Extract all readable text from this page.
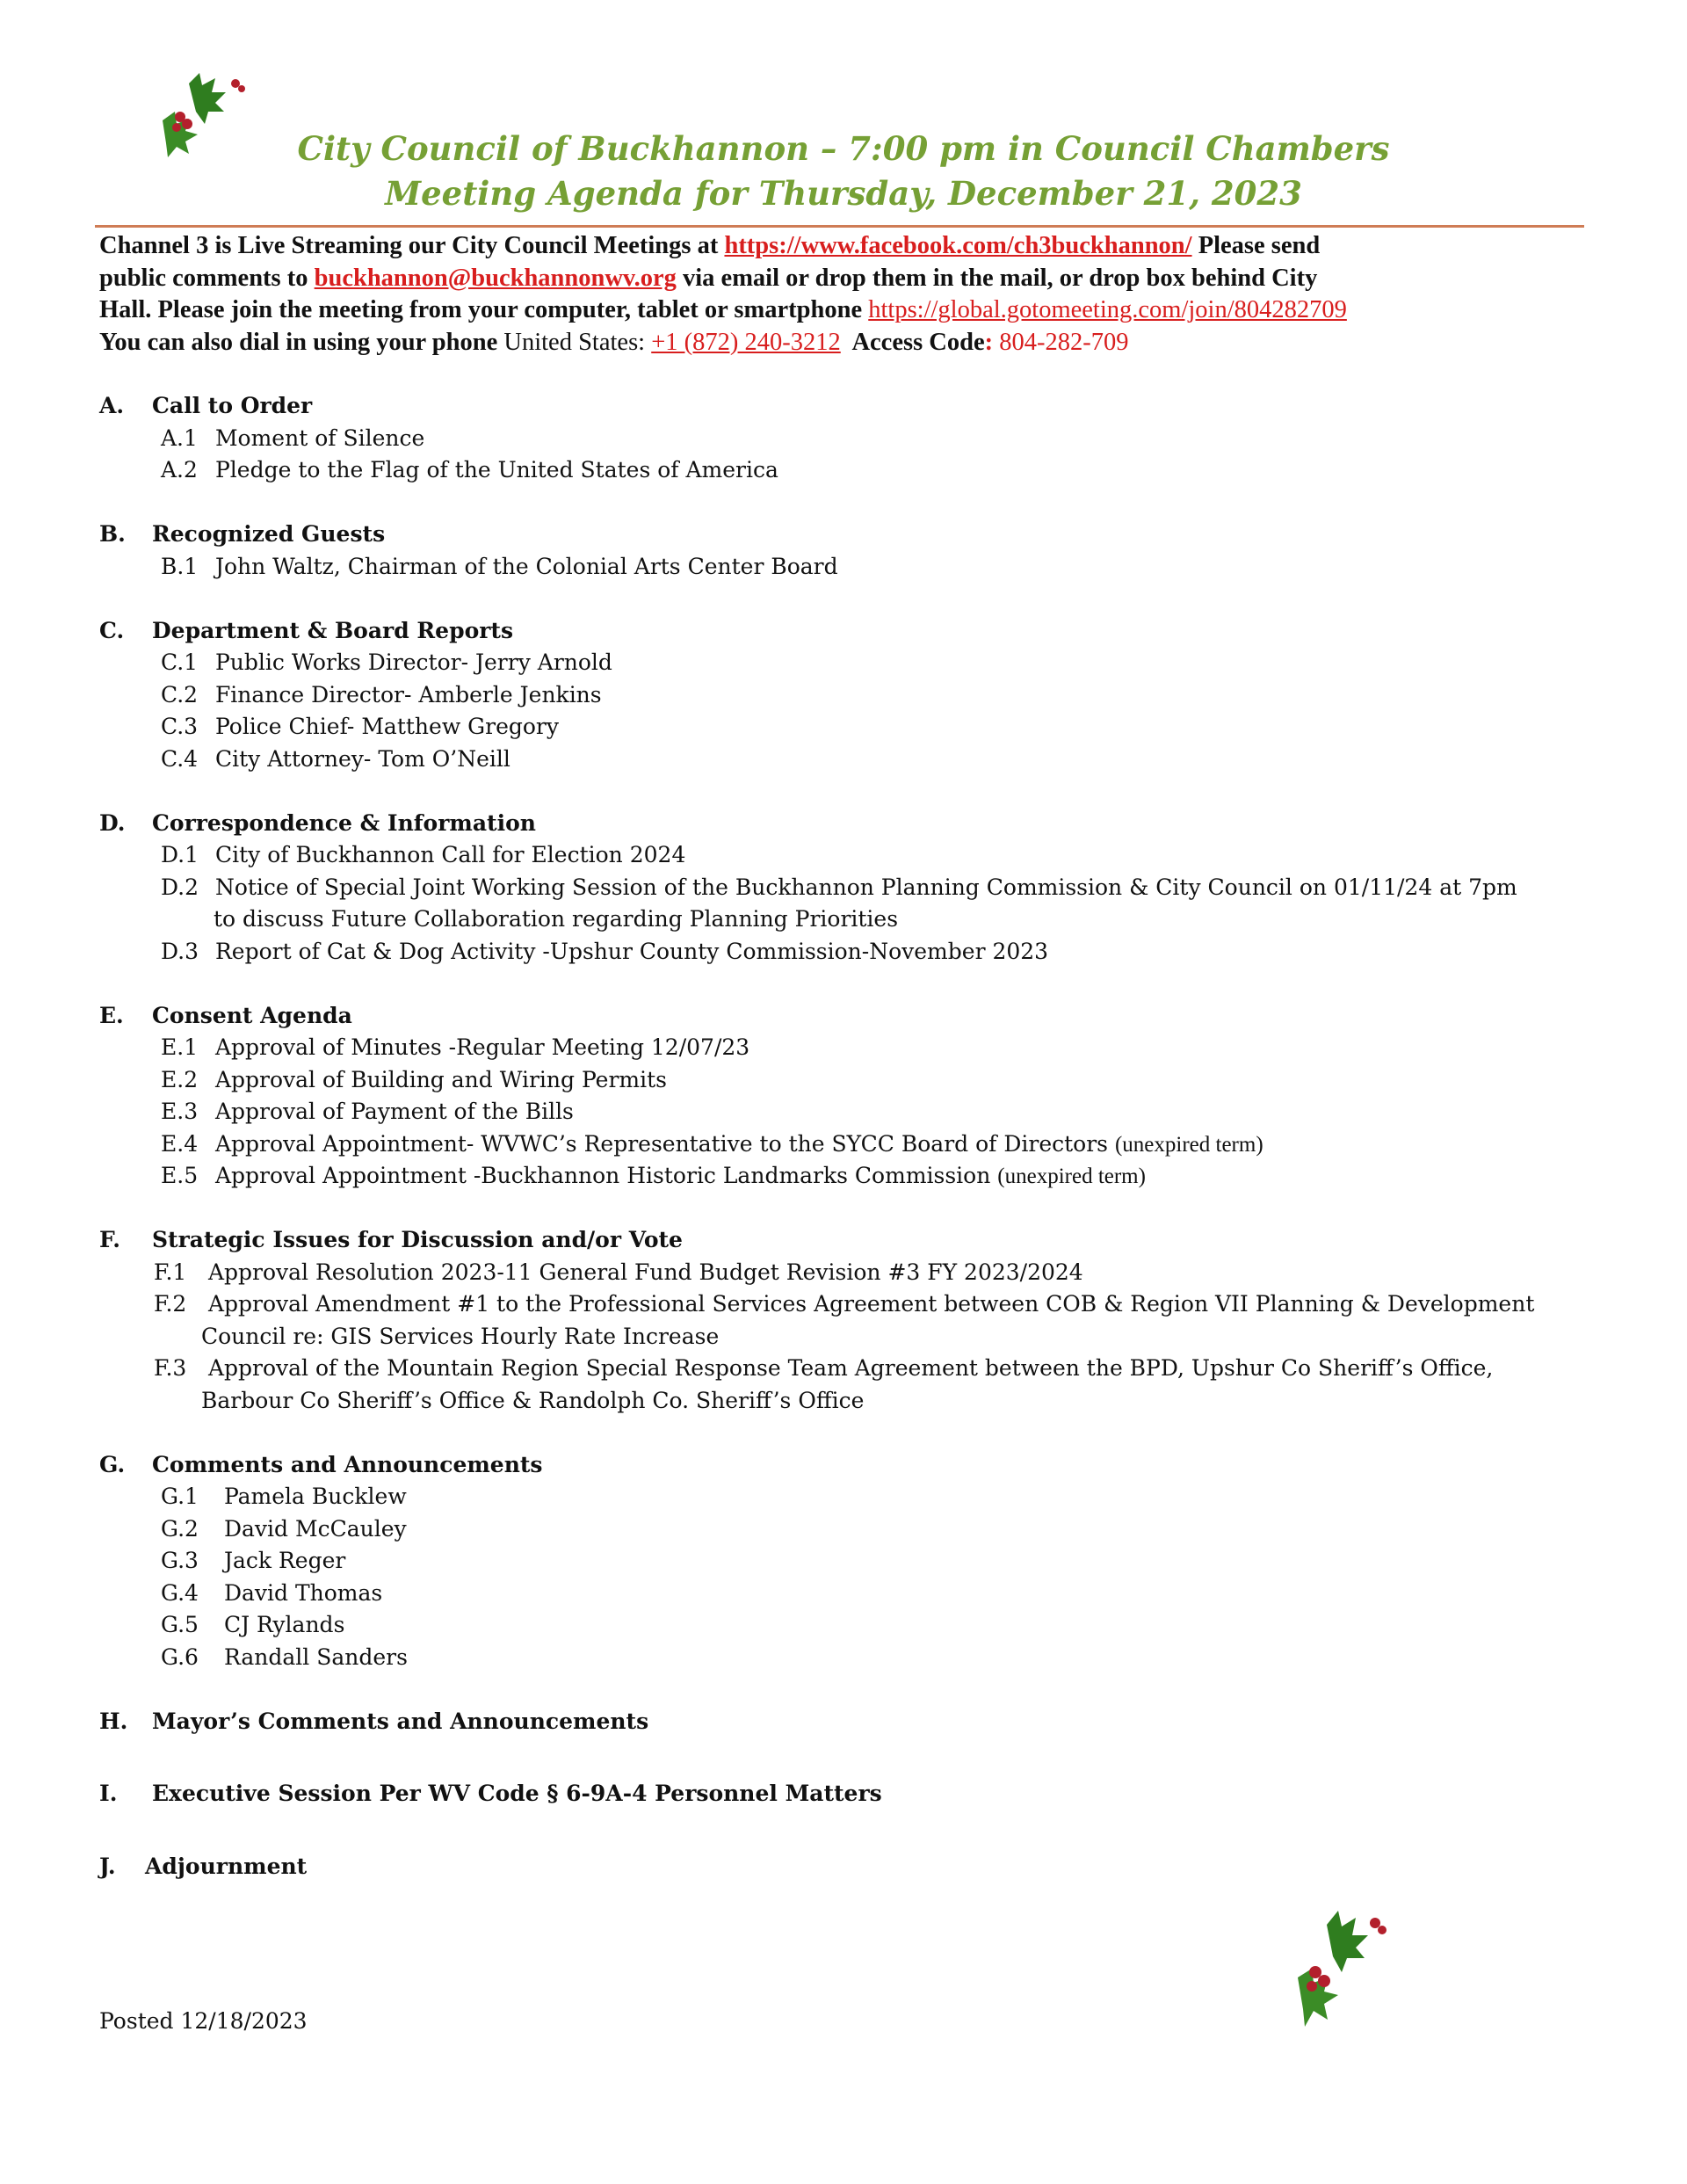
City Council of Buckhannon – 7:00 pm in Council Chambers
Meeting Agenda for Thursday, December 21, 2023

Channel 3 is Live Streaming our City Council Meetings at https://www.facebook.com/ch3buckhannon/ Please send

public comments to buckhannon@buckhannonwv.org via email or drop them in the mail, or drop box behind City

Hall. Please join the meeting from your computer, tablet or smartphone https://global.gotomeeting.com/join/804282709

You can also dial in using your phone United States: +1 (872) 240-3212  Access Code: 804-282-709

A. Call to Order
A.1 Moment of Silence
A.2 Pledge to the Flag of the United States of America
B. Recognized Guests
B.1 John Waltz, Chairman of the Colonial Arts Center Board
C. Department & Board Reports
C.1 Public Works Director- Jerry Arnold
C.2 Finance Director- Amberle Jenkins
C.3 Police Chief- Matthew Gregory
C.4 City Attorney- Tom O’Neill
D. Correspondence & Information
D.1 City of Buckhannon Call for Election 2024
D.2 Notice of Special Joint Working Session of the Buckhannon Planning Commission & City Council on 01/11/24 at 7pm
to discuss Future Collaboration regarding Planning Priorities
D.3 Report of Cat & Dog Activity -Upshur County Commission-November 2023
E. Consent Agenda
E.1 Approval of Minutes -Regular Meeting 12/07/23
E.2 Approval of Building and Wiring Permits
E.3 Approval of Payment of the Bills
E.4 Approval Appointment- WVWC’s Representative to the SYCC Board of Directors (unexpired term)
E.5 Approval Appointment -Buckhannon Historic Landmarks Commission (unexpired term)
F. Strategic Issues for Discussion and/or Vote
F.1 Approval Resolution 2023-11 General Fund Budget Revision #3 FY 2023/2024
F.2 Approval Amendment #1 to the Professional Services Agreement between COB & Region VII Planning & Development
Council re: GIS Services Hourly Rate Increase
F.3 Approval of the Mountain Region Special Response Team Agreement between the BPD, Upshur Co Sheriff’s Office,
Barbour Co Sheriff’s Office & Randolph Co. Sheriff’s Office
G. Comments and Announcements
G.1 Pamela Bucklew
G.2 David McCauley
G.3 Jack Reger
G.4 David Thomas
G.5 CJ Rylands
G.6 Randall Sanders
H. Mayor’s Comments and Announcements
I. Executive Session Per WV Code § 6-9A-4 Personnel Matters
J. Adjournment
Posted 12/18/2023
